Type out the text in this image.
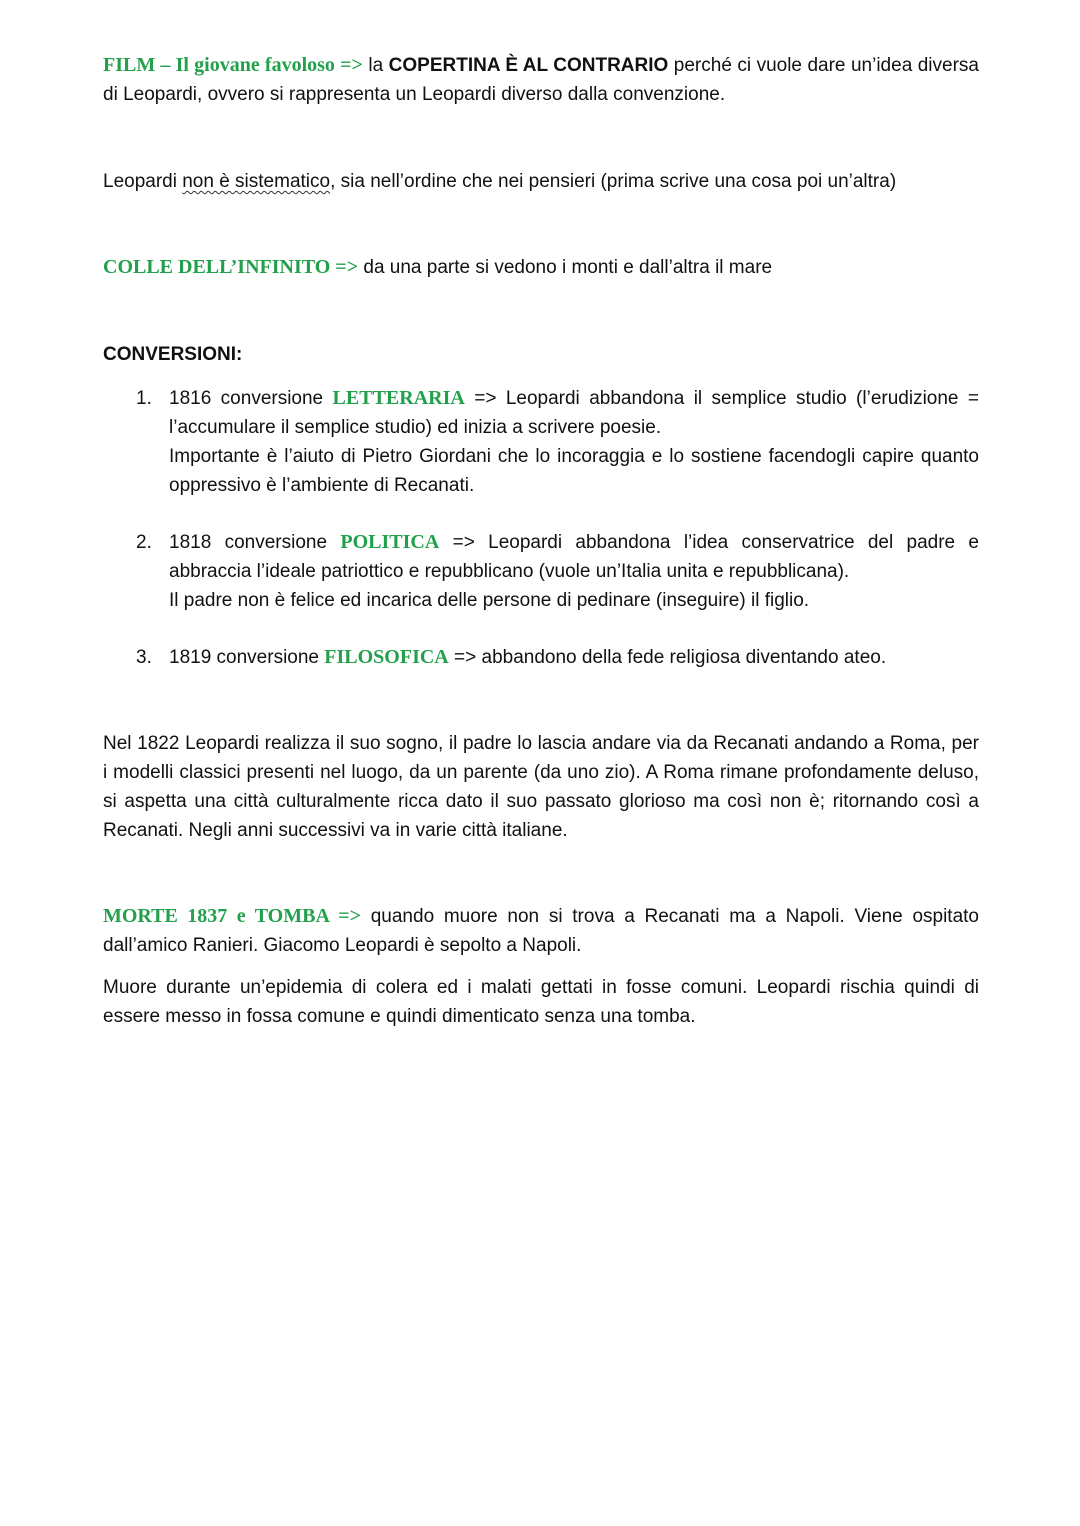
FILM – Il giovane favoloso => la COPERTINA È AL CONTRARIO perché ci vuole dare un’idea diversa di Leopardi, ovvero si rappresenta un Leopardi diverso dalla convenzione.

Leopardi non è sistematico, sia nell’ordine che nei pensieri (prima scrive una cosa poi un’altra)

COLLE DELL’INFINITO => da una parte si vedono i monti e dall’altra il mare

CONVERSIONI:

1. 1816 conversione LETTERARIA => Leopardi abbandona il semplice studio (l’erudizione = l’accumulare il semplice studio) ed inizia a scrivere poesie.
Importante è l’aiuto di Pietro Giordani che lo incoraggia e lo sostiene facendogli capire quanto oppressivo è l’ambiente di Recanati.
2. 1818 conversione POLITICA => Leopardi abbandona l’idea conservatrice del padre e abbraccia l’ideale patriottico e repubblicano (vuole un’Italia unita e repubblicana).
Il padre non è felice ed incarica delle persone di pedinare (inseguire) il figlio.
3. 1819 conversione FILOSOFICA => abbandono della fede religiosa diventando ateo.

Nel 1822 Leopardi realizza il suo sogno, il padre lo lascia andare via da Recanati andando a Roma, per i modelli classici presenti nel luogo, da un parente (da uno zio). A Roma rimane profondamente deluso, si aspetta una città culturalmente ricca dato il suo passato glorioso ma così non è; ritornando così a Recanati. Negli anni successivi va in varie città italiane.

MORTE 1837 e TOMBA => quando muore non si trova a Recanati ma a Napoli. Viene ospitato dall’amico Ranieri. Giacomo Leopardi è sepolto a Napoli.

Muore durante un’epidemia di colera ed i malati gettati in fosse comuni. Leopardi rischia quindi di essere messo in fossa comune e quindi dimenticato senza una tomba.
